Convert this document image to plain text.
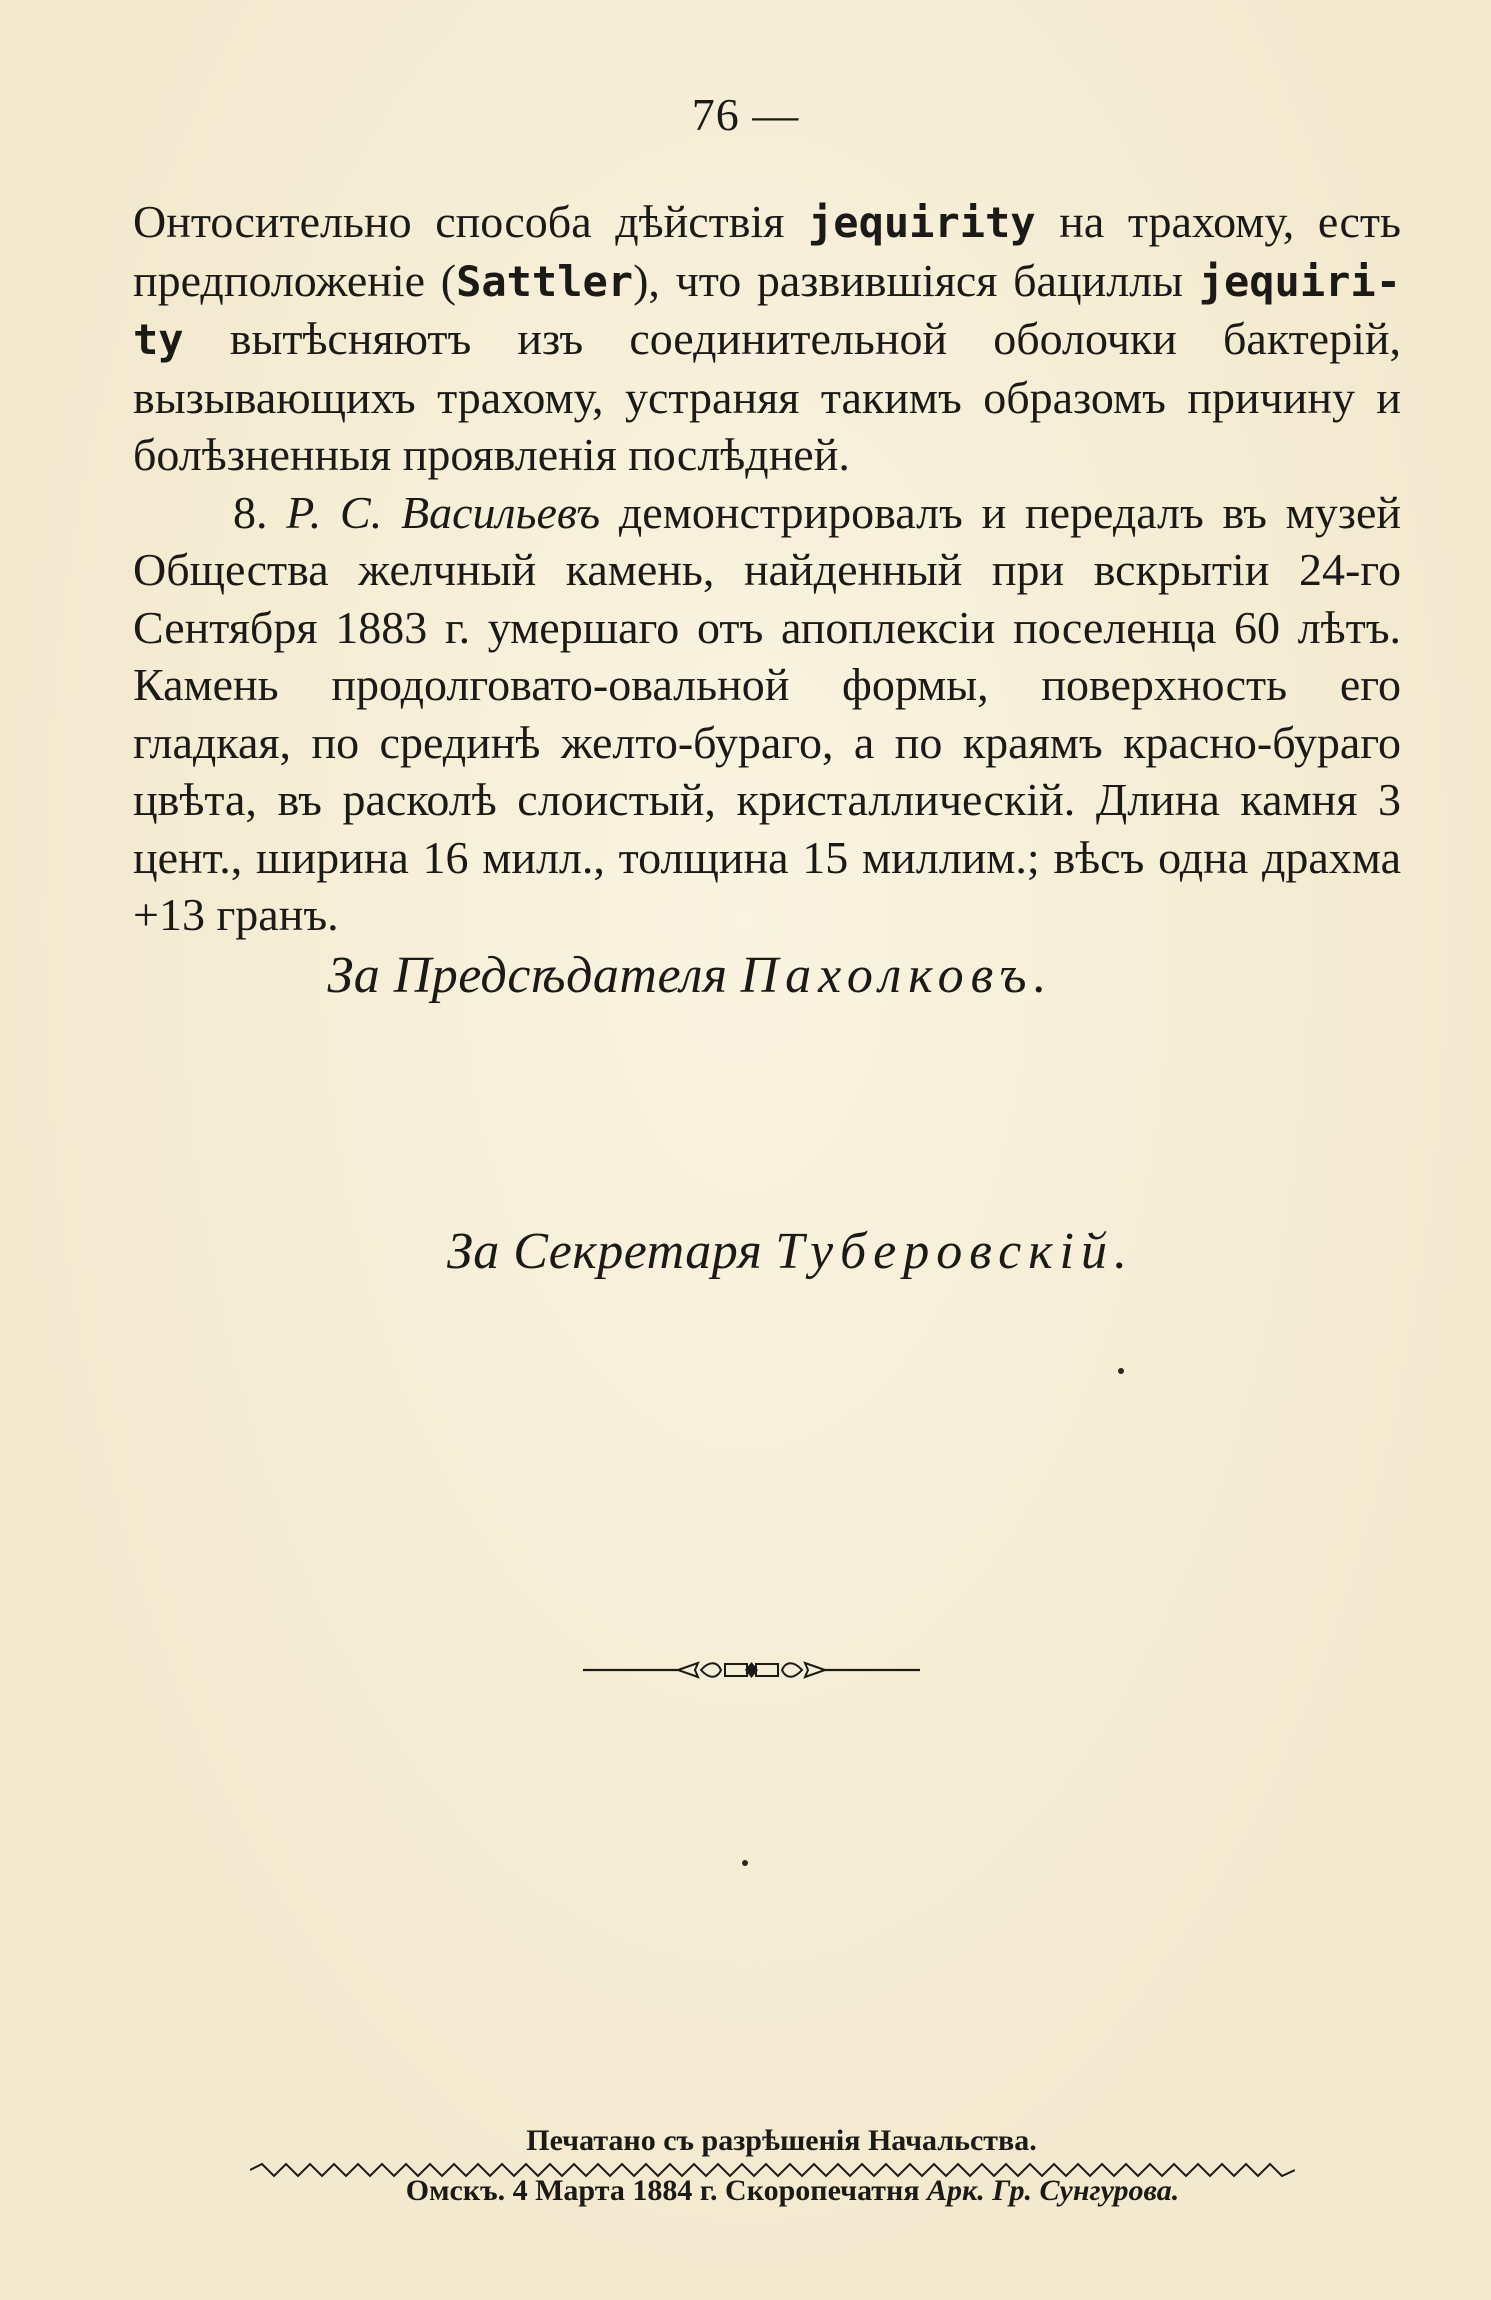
76 —

Онтосительно способа дѣйствія jequirity на трахому, есть предположеніе (Sattler), что развившіяся бациллы jequiri-ty вытѣсняютъ изъ соединительной оболочки бактерій, вызывающихъ трахому, устраняя такимъ образомъ причину и болѣзненныя проявленія послѣдней.

8. Р. С. Васильевъ демонстрировалъ и передалъ въ музей Общества желчный камень, найденный при вскрытіи 24-го Сентября 1883 г. умершаго отъ апоплексіи поселенца 60 лѣтъ. Камень продолговато-овальной формы, поверхность его гладкая, по срединѣ желто-бураго, а по краямъ красно-бураго цвѣта, въ расколѣ слоистый, кристаллическій. Длина камня 3 цент., ширина 16 милл., толщина 15 миллим.; вѣсъ одна драхма +13 гранъ.

За Предсѣдателя Пахолковъ.
За Секретаря Туберовскій.
Печатано съ разрѣшенія Начальства.
Омскъ. 4 Марта 1884 г. Скоропечатня Арк. Гр. Сунгурова.
